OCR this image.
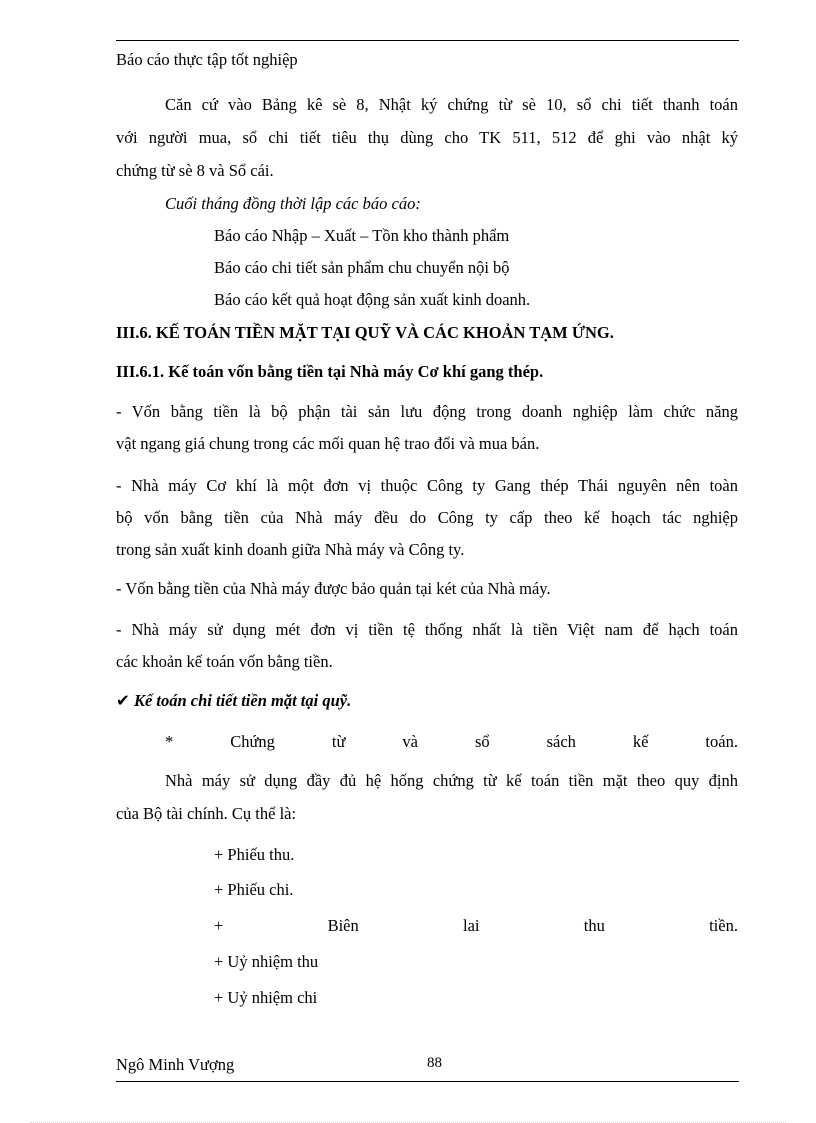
Báo cáo thực tập tốt nghiệp
Căn cứ vào Bảng kê sè 8, Nhật ký chứng từ sè 10, sổ chi tiết thanh toán
với người mua, sổ chi tiết tiêu thụ dùng cho TK 511, 512 để ghi vào nhật ký
chứng từ sè 8 và Sổ cái.
Cuối tháng đồng thời lập các báo cáo:
Báo cáo Nhập – Xuất – Tồn kho thành phẩm
Báo cáo chi tiết sản phẩm chu chuyển nội bộ
Báo cáo kết quả hoạt động sản xuất kinh doanh.
III.6. KẾ TOÁN TIỀN MẶT TẠI QUỸ VÀ CÁC KHOẢN TẠM ỨNG.
III.6.1. Kế toán vốn bằng tiền tại Nhà máy Cơ khí gang thép.
- Vốn bằng tiền là bộ phận tài sản lưu động trong doanh nghiệp làm chức năng
vật ngang giá chung trong các mối quan hệ trao đổi và mua bán.
- Nhà máy Cơ khí là một đơn vị thuộc Công ty Gang thép Thái nguyên nên toàn
bộ vốn bằng tiền của Nhà máy đều do Công ty cấp theo kế hoạch tác nghiệp
trong sản xuất kinh doanh giữa Nhà máy và Công ty.
- Vốn bằng tiền của Nhà máy được bảo quản tại két của Nhà máy.
- Nhà máy sử dụng mét đơn vị tiền tệ thống nhất là tiền Việt nam để hạch toán
các khoản kế toán vốn bằng tiền.
✔ Kế toán chi tiết tiền mặt tại quỹ.
*	Chứng	từ	và	sổ	sách	kế	toán.
Nhà máy sử dụng đầy đủ hệ hống chứng từ kế toán tiền mặt theo quy định
của Bộ tài chính. Cụ thể là:
+ Phiếu thu.
+ Phiếu chi.
+	Biên	lai	thu	tiền.
+ Uỷ nhiệm thu
+ Uỷ nhiệm chi
Ngô Minh Vượng	88
